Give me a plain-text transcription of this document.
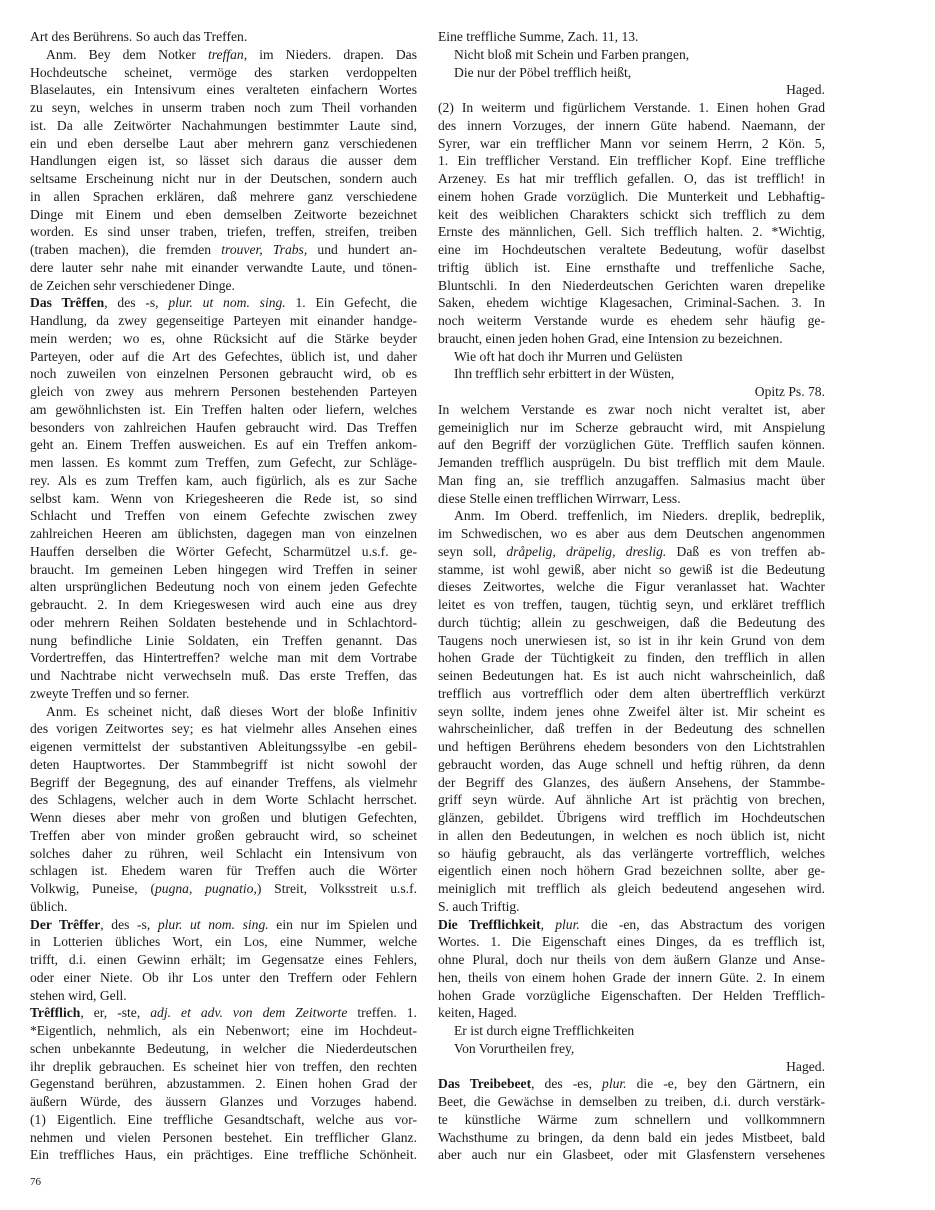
Art des Berührens. So auch das Treffen.
Anm. Bey dem Notker treffan, im Nieders. drapen. Das
Hochdeutsche scheinet, vermöge des starken verdoppelten
Blaselautes, ein Intensivum eines veralteten einfachern Wortes
zu seyn, welches in unserm traben noch zum Theil vorhanden
ist. Da alle Zeitwörter Nachahmungen bestimmter Laute sind,
ein und eben derselbe Laut aber mehrern ganz verschiedenen
Handlungen eigen ist, so lässet sich daraus die ausser dem
seltsame Erscheinung nicht nur in der Deutschen, sondern auch
in allen Sprachen erklären, daß mehrere ganz verschiedene
Dinge mit Einem und eben demselben Zeitworte bezeichnet
worden. Es sind unser traben, triefen, treffen, streifen, treiben
(traben machen), die fremden trouver, Trabs, und hundert an-
dere lauter sehr nahe mit einander verwandte Laute, und tönen-
de Zeichen sehr verschiedener Dinge.
Das Trêffen, des -s, plur. ut nom. sing. 1. Ein Gefecht, die
Handlung, da zwey gegenseitige Parteyen mit einander handge-
mein werden; wo es, ohne Rücksicht auf die Stärke beyder
Parteyen, oder auf die Art des Gefechtes, üblich ist, und daher
noch zuweilen von einzelnen Personen gebraucht wird, ob es
gleich von zwey aus mehrern Personen bestehenden Parteyen
am gewöhnlichsten ist. Ein Treffen halten oder liefern, welches
besonders von zahlreichen Haufen gebraucht wird. Das Treffen
geht an. Einem Treffen ausweichen. Es auf ein Treffen ankom-
men lassen. Es kommt zum Treffen, zum Gefecht, zur Schläge-
rey. Als es zum Treffen kam, auch figürlich, als es zur Sache
selbst kam. Wenn von Kriegesheeren die Rede ist, so sind
Schlacht und Treffen von einem Gefechte zwischen zwey
zahlreichen Heeren am üblichsten, dagegen man von einzelnen
Hauffen derselben die Wörter Gefecht, Scharmützel u.s.f. ge-
braucht. Im gemeinen Leben hingegen wird Treffen in seiner
alten ursprünglichen Bedeutung noch von einem jeden Gefechte
gebraucht. 2. In dem Kriegeswesen wird auch eine aus drey
oder mehrern Reihen Soldaten bestehende und in Schlachtord-
nung befindliche Linie Soldaten, ein Treffen genannt. Das
Vordertreffen, das Hintertreffen? welche man mit dem Vortrabe
und Nachtrabe nicht verwechseln muß. Das erste Treffen, das
zweyte Treffen und so ferner.
Anm. Es scheinet nicht, daß dieses Wort der bloße Infinitiv
des vorigen Zeitwortes sey; es hat vielmehr alles Ansehen eines
eigenen vermittelst der substantiven Ableitungssylbe -en gebil-
deten Hauptwortes. Der Stammbegriff ist nicht sowohl der
Begriff der Begegnung, des auf einander Treffens, als vielmehr
des Schlagens, welcher auch in dem Worte Schlacht herrschet.
Wenn dieses aber mehr von großen und blutigen Gefechten,
Treffen aber von minder großen gebraucht wird, so scheinet
solches daher zu rühren, weil Schlacht ein Intensivum von
schlagen ist. Ehedem waren für Treffen auch die Wörter
Volkwig, Puneise, (pugna, pugnatio,) Streit, Volksstreit u.s.f.
üblich.
Der Trêffer, des -s, plur. ut nom. sing. ein nur im Spielen und
in Lotterien übliches Wort, ein Los, eine Nummer, welche
trifft, d.i. einen Gewinn erhält; im Gegensatze eines Fehlers,
oder einer Niete. Ob ihr Los unter den Treffern oder Fehlern
stehen wird, Gell.
Trêfflich, er, -ste, adj. et adv. von dem Zeitworte treffen. 1.
*Eigentlich, nehmlich, als ein Nebenwort; eine im Hochdeut-
schen unbekannte Bedeutung, in welcher die Niederdeutschen
ihr dreplik gebrauchen. Es scheinet hier von treffen, den rechten
Gegenstand berühren, abzustammen. 2. Einen hohen Grad der
äußern Würde, des äussern Glanzes und Vorzuges habend.
(1) Eigentlich. Eine treffliche Gesandtschaft, welche aus vor-
nehmen und vielen Personen bestehet. Ein trefflicher Glanz.
Ein treffliches Haus, ein prächtiges. Eine treffliche Schönheit.
Eine treffliche Summe, Zach. 11, 13.
Nicht bloß mit Schein und Farben prangen,
Die nur der Pöbel trefflich heißt,
Haged.
(2) In weiterm und figürlichem Verstande. 1. Einen hohen Grad
des innern Vorzuges, der innern Güte habend. Naemann, der
Syrer, war ein trefflicher Mann vor seinem Herrn, 2 Kön. 5,
1. Ein trefflicher Verstand. Ein trefflicher Kopf. Eine treffliche
Arzeney. Es hat mir trefflich gefallen. O, das ist trefflich! in
einem hohen Grade vorzüglich. Die Munterkeit und Lebhaftig-
keit des weiblichen Charakters schickt sich trefflich zu dem
Ernste des männlichen, Gell. Sich trefflich halten. 2. *Wichtig,
eine im Hochdeutschen veraltete Bedeutung, wofür daselbst
triftig üblich ist. Eine ernsthafte und treffenliche Sache,
Bluntschli. In den Niederdeutschen Gerichten waren drepelike
Saken, ehedem wichtige Klagesachen, Criminal-Sachen. 3. In
noch weiterm Verstande wurde es ehedem sehr häufig ge-
braucht, einen jeden hohen Grad, eine Intension zu bezeichnen.
Wie oft hat doch ihr Murren und Gelüsten
Ihn trefflich sehr erbittert in der Wüsten,
Opitz Ps. 78.
In welchem Verstande es zwar noch nicht veraltet ist, aber
gemeiniglich nur im Scherze gebraucht wird, mit Anspielung
auf den Begriff der vorzüglichen Güte. Trefflich saufen können.
Jemanden trefflich ausprügeln. Du bist trefflich mit dem Maule.
Man fing an, sie trefflich anzugaffen. Salmasius macht über
diese Stelle einen trefflichen Wirrwarr, Less.
Anm. Im Oberd. treffenlich, im Nieders. dreplik, bedreplik,
im Schwedischen, wo es aber aus dem Deutschen angenommen
seyn soll, dråpelig, dräpelig, dreslig. Daß es von treffen ab-
stamme, ist wohl gewiß, aber nicht so gewiß ist die Bedeutung
dieses Zeitwortes, welche die Figur veranlasset hat. Wachter
leitet es von treffen, taugen, tüchtig seyn, und erkläret trefflich
durch tüchtig; allein zu geschweigen, daß die Bedeutung des
Taugens noch unerwiesen ist, so ist in ihr kein Grund von dem
hohen Grade der Tüchtigkeit zu finden, den trefflich in allen
seinen Bedeutungen hat. Es ist auch nicht wahrscheinlich, daß
trefflich aus vortrefflich oder dem alten übertrefflich verkürzt
seyn sollte, indem jenes ohne Zweifel älter ist. Mir scheint es
wahrscheinlicher, daß treffen in der Bedeutung des schnellen
und heftigen Berührens ehedem besonders von den Lichtstrahlen
gebraucht worden, das Auge schnell und heftig rühren, da denn
der Begriff des Glanzes, des äußern Ansehens, der Stammbe-
griff seyn würde. Auf ähnliche Art ist prächtig von brechen,
glänzen, gebildet. Übrigens wird trefflich im Hochdeutschen
in allen den Bedeutungen, in welchen es noch üblich ist, nicht
so häufig gebraucht, als das verlängerte vortrefflich, welches
eigentlich einen noch höhern Grad bezeichnen sollte, aber ge-
meiniglich mit trefflich als gleich bedeutend angesehen wird.
S. auch Triftig.
Die Trefflichkeit, plur. die -en, das Abstractum des vorigen
Wortes. 1. Die Eigenschaft eines Dinges, da es trefflich ist,
ohne Plural, doch nur theils von dem äußern Glanze und Anse-
hen, theils von einem hohen Grade der innern Güte. 2. In einem
hohen Grade vorzügliche Eigenschaften. Der Helden Trefflich-
keiten, Haged.
Er ist durch eigne Trefflichkeiten
Von Vorurtheilen frey,
Haged.
Das Treibebeet, des -es, plur. die -e, bey den Gärtnern, ein
Beet, die Gewächse in demselben zu treiben, d.i. durch verstärk-
te künstliche Wärme zum schnellern und vollkommnern
Wachsthume zu bringen, da denn bald ein jedes Mistbeet, bald
aber auch nur ein Glasbeet, oder mit Glasfenstern versehenes
76
